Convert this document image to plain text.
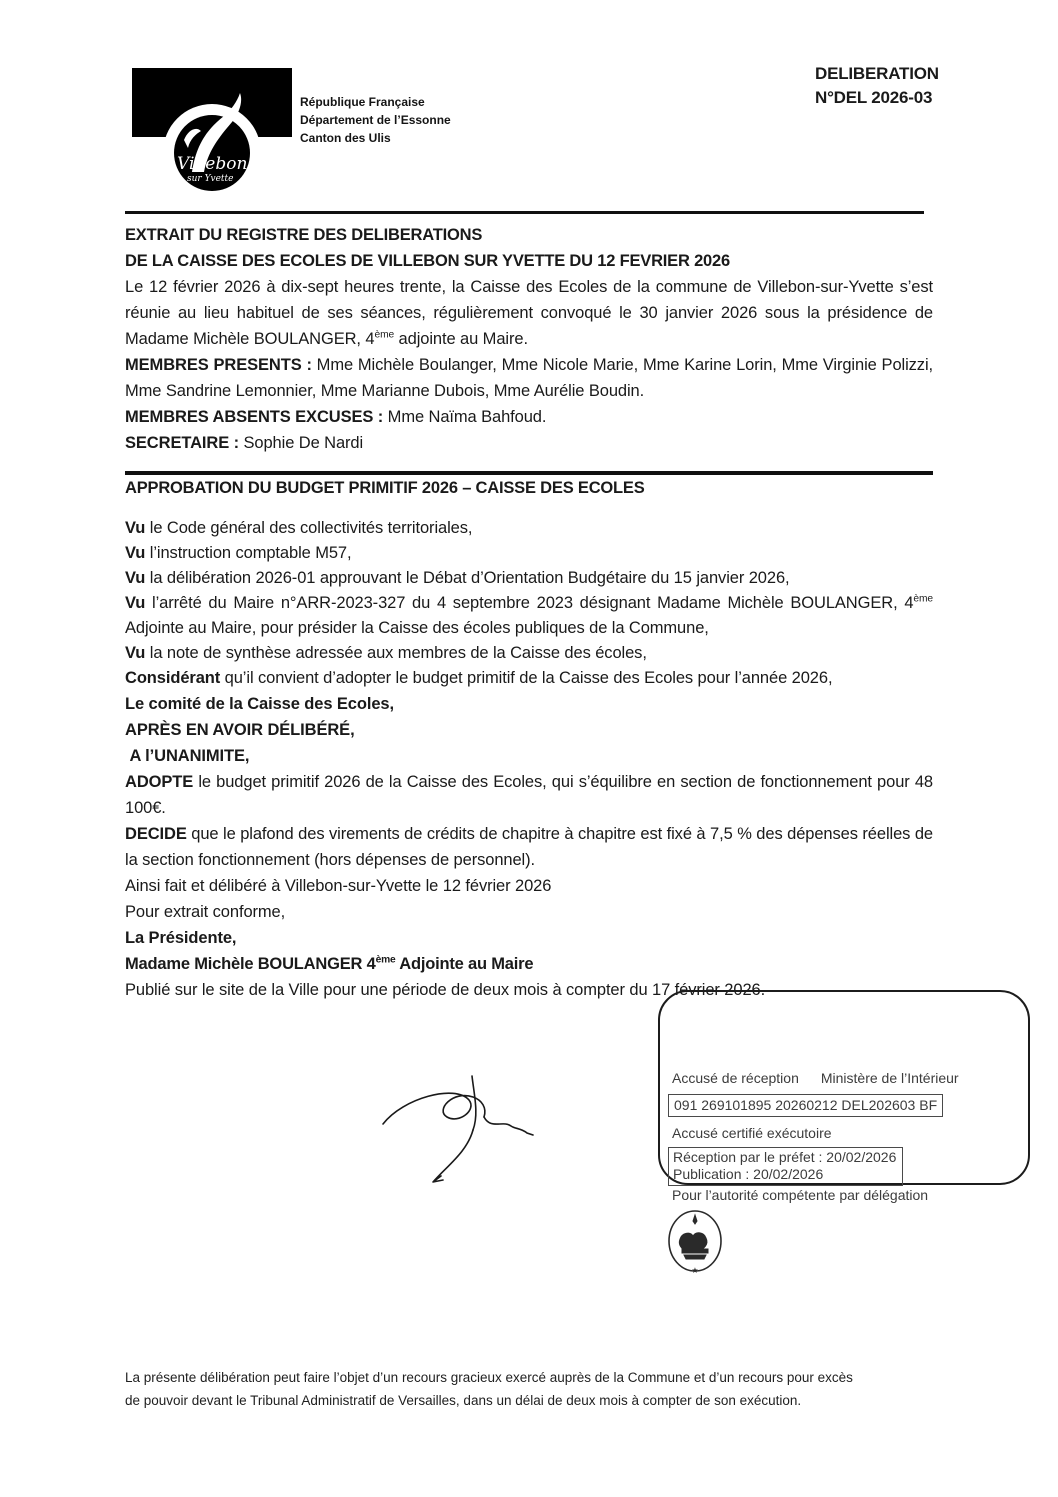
Villebon
sur Yvette
République Française
Département de l’Essonne
Canton des Ulis
DELIBERATION
N°DEL 2026-03

EXTRAIT DU REGISTRE DES DELIBERATIONS

DE LA CAISSE DES ECOLES DE VILLEBON SUR YVETTE DU 12 FEVRIER 2026

Le 12 février 2026 à dix-sept heures trente, la Caisse des Ecoles de la commune de Villebon-sur-Yvette s’est réunie au lieu habituel de ses séances, régulièrement convoqué le 30 janvier 2026 sous la présidence de Madame Michèle BOULANGER, 4ème adjointe au Maire.

MEMBRES PRESENTS : Mme Michèle Boulanger, Mme Nicole Marie, Mme Karine Lorin, Mme Virginie Polizzi, Mme Sandrine Lemonnier, Mme Marianne Dubois, Mme Aurélie Boudin.

MEMBRES ABSENTS EXCUSES : Mme Naïma Bahfoud.

SECRETAIRE : Sophie De Nardi

APPROBATION DU BUDGET PRIMITIF 2026 – CAISSE DES ECOLES

Vu le Code général des collectivités territoriales,

Vu l’instruction comptable M57,

Vu la délibération 2026-01 approuvant le Débat d’Orientation Budgétaire du 15 janvier 2026,

Vu l’arrêté du Maire n°ARR-2023-327 du 4 septembre 2023 désignant Madame Michèle BOULANGER, 4ème Adjointe au Maire, pour présider la Caisse des écoles publiques de la Commune,

Vu la note de synthèse adressée aux membres de la Caisse des écoles,

Considérant qu’il convient d’adopter le budget primitif de la Caisse des Ecoles pour l’année 2026,

Le comité de la Caisse des Ecoles,

APRÈS EN AVOIR DÉLIBÉRÉ,

A l’UNANIMITE,

ADOPTE le budget primitif 2026 de la Caisse des Ecoles, qui s’équilibre en section de fonctionnement pour 48 100€.

DECIDE que le plafond des virements de crédits de chapitre à chapitre est fixé à 7,5 % des dépenses réelles de la section fonctionnement (hors dépenses de personnel).

Ainsi fait et délibéré à Villebon-sur-Yvette le 12 février 2026

Pour extrait conforme,

La Présidente,

Madame Michèle BOULANGER 4ème Adjointe au Maire

Publié sur le site de la Ville pour une période de deux mois à compter du 17 février 2026.

Accusé de réception Ministère de l’Intérieur
091 269101895 20260212 DEL202603 BF
Accusé certifié exécutoire
Réception par le préfet : 20/02/2026
Publication : 20/02/2026
Pour l’autorité compétente par délégation
★
La présente délibération peut faire l’objet d’un recours gracieux exercé auprès de la Commune et d’un recours pour excès
de pouvoir devant le Tribunal Administratif de Versailles, dans un délai de deux mois à compter de son exécution.
